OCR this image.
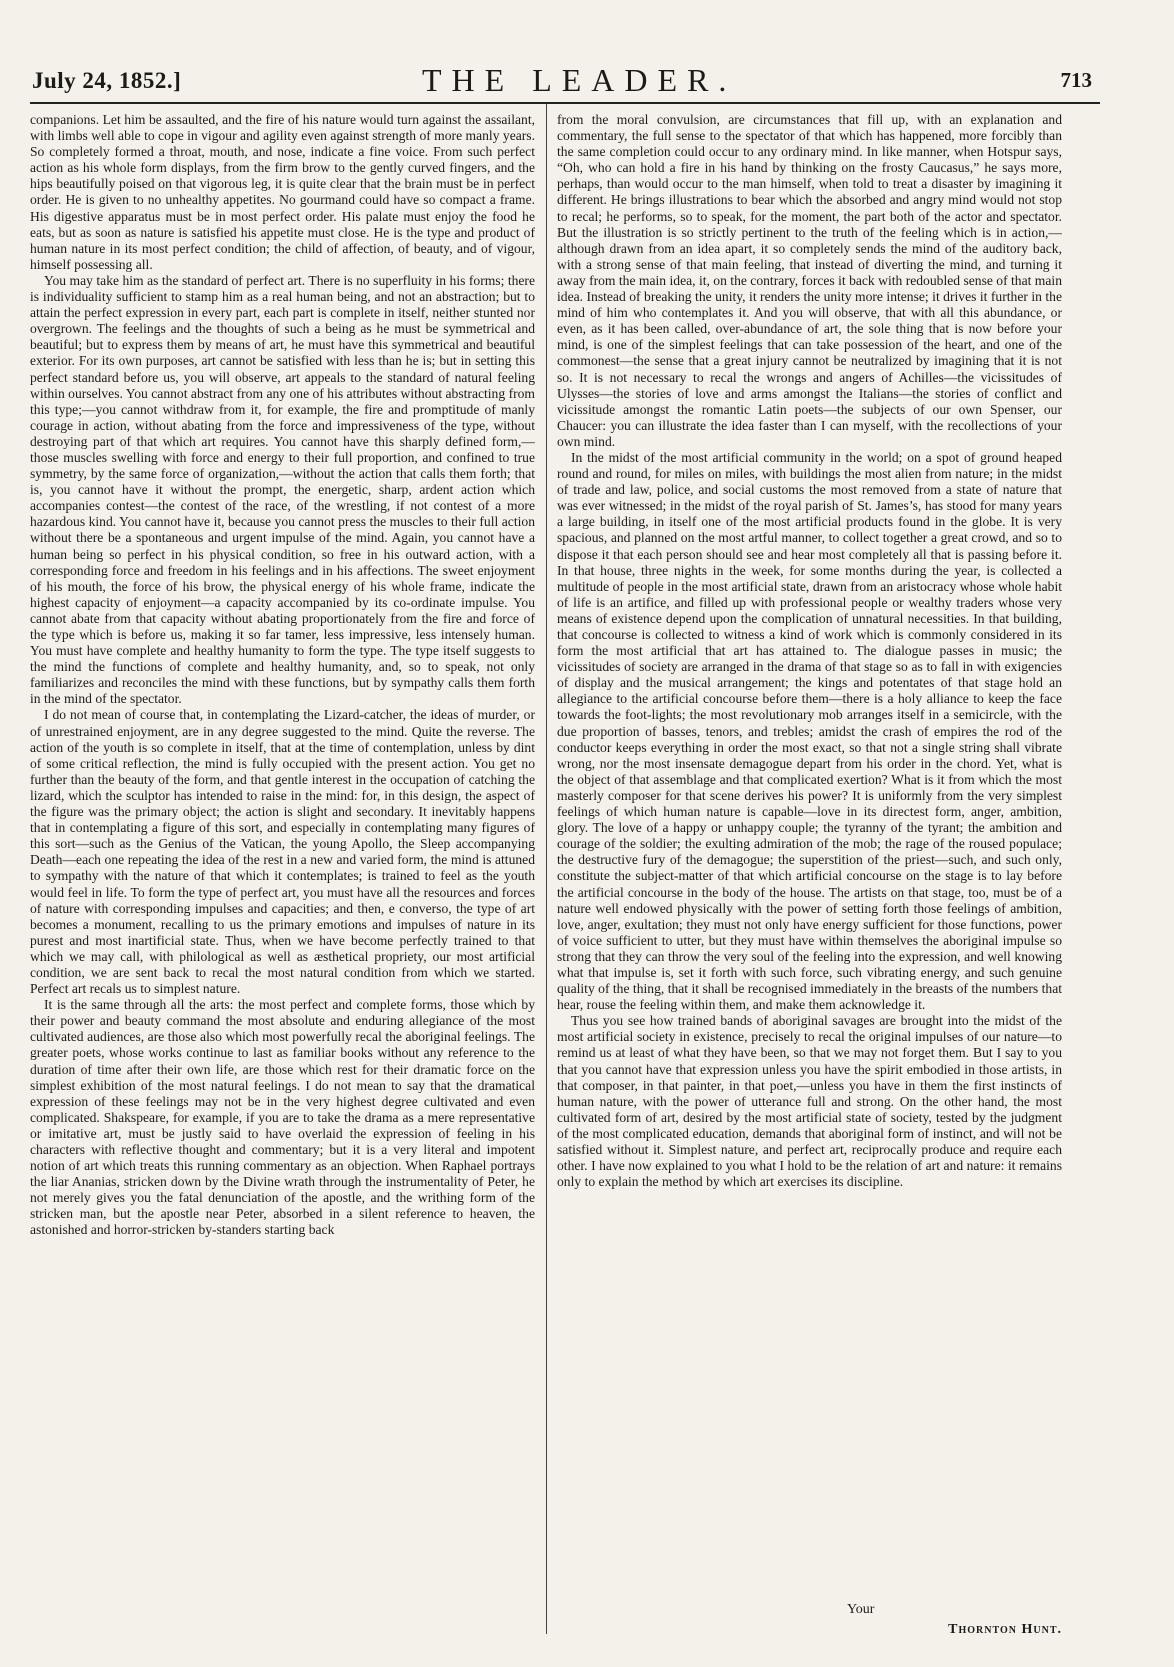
July 24, 1852.]	THE LEADER.	713

companions. Let him be assaulted, and the fire of his nature would turn against the assailant, with limbs well able to cope in vigour and agility even against strength of more manly years. So completely formed a throat, mouth, and nose, indicate a fine voice. From such perfect action as his whole form displays, from the firm brow to the gently curved fingers, and the hips beautifully poised on that vigorous leg, it is quite clear that the brain must be in perfect order. He is given to no unhealthy appetites. No gourmand could have so compact a frame. His digestive apparatus must be in most perfect order. His palate must enjoy the food he eats, but as soon as nature is satisfied his appetite must close. He is the type and product of human nature in its most perfect condition; the child of affection, of beauty, and of vigour, himself possessing all.

You may take him as the standard of perfect art. There is no superfluity in his forms; there is individuality sufficient to stamp him as a real human being, and not an abstraction; but to attain the perfect expression in every part, each part is complete in itself, neither stunted nor overgrown. The feelings and the thoughts of such a being as he must be symmetrical and beautiful; but to express them by means of art, he must have this symmetrical and beautiful exterior. For its own purposes, art cannot be satisfied with less than he is; but in setting this perfect standard before us, you will observe, art appeals to the standard of natural feeling within ourselves. You cannot abstract from any one of his attributes without abstracting from this type;—you cannot withdraw from it, for example, the fire and promptitude of manly courage in action, without abating from the force and impressiveness of the type, without destroying part of that which art requires. You cannot have this sharply defined form,—those muscles swelling with force and energy to their full proportion, and confined to true symmetry, by the same force of organization,—without the action that calls them forth; that is, you cannot have it without the prompt, the energetic, sharp, ardent action which accompanies contest—the contest of the race, of the wrestling, if not contest of a more hazardous kind. You cannot have it, because you cannot press the muscles to their full action without there be a spontaneous and urgent impulse of the mind. Again, you cannot have a human being so perfect in his physical condition, so free in his outward action, with a corresponding force and freedom in his feelings and in his affections. The sweet enjoyment of his mouth, the force of his brow, the physical energy of his whole frame, indicate the highest capacity of enjoyment—a capacity accompanied by its co-ordinate impulse. You cannot abate from that capacity without abating proportionately from the fire and force of the type which is before us, making it so far tamer, less impressive, less intensely human. You must have complete and healthy humanity to form the type. The type itself suggests to the mind the functions of complete and healthy humanity, and, so to speak, not only familiarizes and reconciles the mind with these functions, but by sympathy calls them forth in the mind of the spectator.

I do not mean of course that, in contemplating the Lizard-catcher, the ideas of murder, or of unrestrained enjoyment, are in any degree suggested to the mind. Quite the reverse. The action of the youth is so complete in itself, that at the time of contemplation, unless by dint of some critical reflection, the mind is fully occupied with the present action. You get no further than the beauty of the form, and that gentle interest in the occupation of catching the lizard, which the sculptor has intended to raise in the mind: for, in this design, the aspect of the figure was the primary object; the action is slight and secondary. It inevitably happens that in contemplating a figure of this sort, and especially in contemplating many figures of this sort—such as the Genius of the Vatican, the young Apollo, the Sleep accompanying Death—each one repeating the idea of the rest in a new and varied form, the mind is attuned to sympathy with the nature of that which it contemplates; is trained to feel as the youth would feel in life. To form the type of perfect art, you must have all the resources and forces of nature with corresponding impulses and capacities; and then, e converso, the type of art becomes a monument, recalling to us the primary emotions and impulses of nature in its purest and most inartificial state. Thus, when we have become perfectly trained to that which we may call, with philological as well as æsthetical propriety, our most artificial condition, we are sent back to recal the most natural condition from which we started. Perfect art recals us to simplest nature.

It is the same through all the arts: the most perfect and complete forms, those which by their power and beauty command the most absolute and enduring allegiance of the most cultivated audiences, are those also which most powerfully recal the aboriginal feelings. The greater poets, whose works continue to last as familiar books without any reference to the duration of time after their own life, are those which rest for their dramatic force on the simplest exhibition of the most natural feelings. I do not mean to say that the dramatical expression of these feelings may not be in the very highest degree cultivated and even complicated. Shakspeare, for example, if you are to take the drama as a mere representative or imitative art, must be justly said to have overlaid the expression of feeling in his characters with reflective thought and commentary; but it is a very literal and impotent notion of art which treats this running commentary as an objection. When Raphael portrays the liar Ananias, stricken down by the Divine wrath through the instrumentality of Peter, he not merely gives you the fatal denunciation of the apostle, and the writhing form of the stricken man, but the apostle near Peter, absorbed in a silent reference to heaven, the astonished and horror-stricken by-standers starting back

from the moral convulsion, are circumstances that fill up, with an explanation and commentary, the full sense to the spectator of that which has happened, more forcibly than the same completion could occur to any ordinary mind. In like manner, when Hotspur says, “Oh, who can hold a fire in his hand by thinking on the frosty Caucasus,” he says more, perhaps, than would occur to the man himself, when told to treat a disaster by imagining it different. He brings illustrations to bear which the absorbed and angry mind would not stop to recal; he performs, so to speak, for the moment, the part both of the actor and spectator. But the illustration is so strictly pertinent to the truth of the feeling which is in action,—although drawn from an idea apart, it so completely sends the mind of the auditory back, with a strong sense of that main feeling, that instead of diverting the mind, and turning it away from the main idea, it, on the contrary, forces it back with redoubled sense of that main idea. Instead of breaking the unity, it renders the unity more intense; it drives it further in the mind of him who contemplates it. And you will observe, that with all this abundance, or even, as it has been called, over-abundance of art, the sole thing that is now before your mind, is one of the simplest feelings that can take possession of the heart, and one of the commonest—the sense that a great injury cannot be neutralized by imagining that it is not so. It is not necessary to recal the wrongs and angers of Achilles—the vicissitudes of Ulysses—the stories of love and arms amongst the Italians—the stories of conflict and vicissitude amongst the romantic Latin poets—the subjects of our own Spenser, our Chaucer: you can illustrate the idea faster than I can myself, with the recollections of your own mind.

In the midst of the most artificial community in the world; on a spot of ground heaped round and round, for miles on miles, with buildings the most alien from nature; in the midst of trade and law, police, and social customs the most removed from a state of nature that was ever witnessed; in the midst of the royal parish of St. James’s, has stood for many years a large building, in itself one of the most artificial products found in the globe. It is very spacious, and planned on the most artful manner, to collect together a great crowd, and so to dispose it that each person should see and hear most completely all that is passing before it. In that house, three nights in the week, for some months during the year, is collected a multitude of people in the most artificial state, drawn from an aristocracy whose whole habit of life is an artifice, and filled up with professional people or wealthy traders whose very means of existence depend upon the complication of unnatural necessities. In that building, that concourse is collected to witness a kind of work which is commonly considered in its form the most artificial that art has attained to. The dialogue passes in music; the vicissitudes of society are arranged in the drama of that stage so as to fall in with exigencies of display and the musical arrangement; the kings and potentates of that stage hold an allegiance to the artificial concourse before them—there is a holy alliance to keep the face towards the foot-lights; the most revolutionary mob arranges itself in a semicircle, with the due proportion of basses, tenors, and trebles; amidst the crash of empires the rod of the conductor keeps everything in order the most exact, so that not a single string shall vibrate wrong, nor the most insensate demagogue depart from his order in the chord. Yet, what is the object of that assemblage and that complicated exertion? What is it from which the most masterly composer for that scene derives his power? It is uniformly from the very simplest feelings of which human nature is capable—love in its directest form, anger, ambition, glory. The love of a happy or unhappy couple; the tyranny of the tyrant; the ambition and courage of the soldier; the exulting admiration of the mob; the rage of the roused populace; the destructive fury of the demagogue; the superstition of the priest—such, and such only, constitute the subject-matter of that which artificial concourse on the stage is to lay before the artificial concourse in the body of the house. The artists on that stage, too, must be of a nature well endowed physically with the power of setting forth those feelings of ambition, love, anger, exultation; they must not only have energy sufficient for those functions, power of voice sufficient to utter, but they must have within themselves the aboriginal impulse so strong that they can throw the very soul of the feeling into the expression, and well knowing what that impulse is, set it forth with such force, such vibrating energy, and such genuine quality of the thing, that it shall be recognised immediately in the breasts of the numbers that hear, rouse the feeling within them, and make them acknowledge it.

Thus you see how trained bands of aboriginal savages are brought into the midst of the most artificial society in existence, precisely to recal the original impulses of our nature—to remind us at least of what they have been, so that we may not forget them. But I say to you that you cannot have that expression unless you have the spirit embodied in those artists, in that composer, in that painter, in that poet,—unless you have in them the first instincts of human nature, with the power of utterance full and strong. On the other hand, the most cultivated form of art, desired by the most artificial state of society, tested by the judgment of the most complicated education, demands that aboriginal form of instinct, and will not be satisfied without it. Simplest nature, and perfect art, reciprocally produce and require each other. I have now explained to you what I hold to be the relation of art and nature: it remains only to explain the method by which art exercises its discipline.

Your
Thornton Hunt.
